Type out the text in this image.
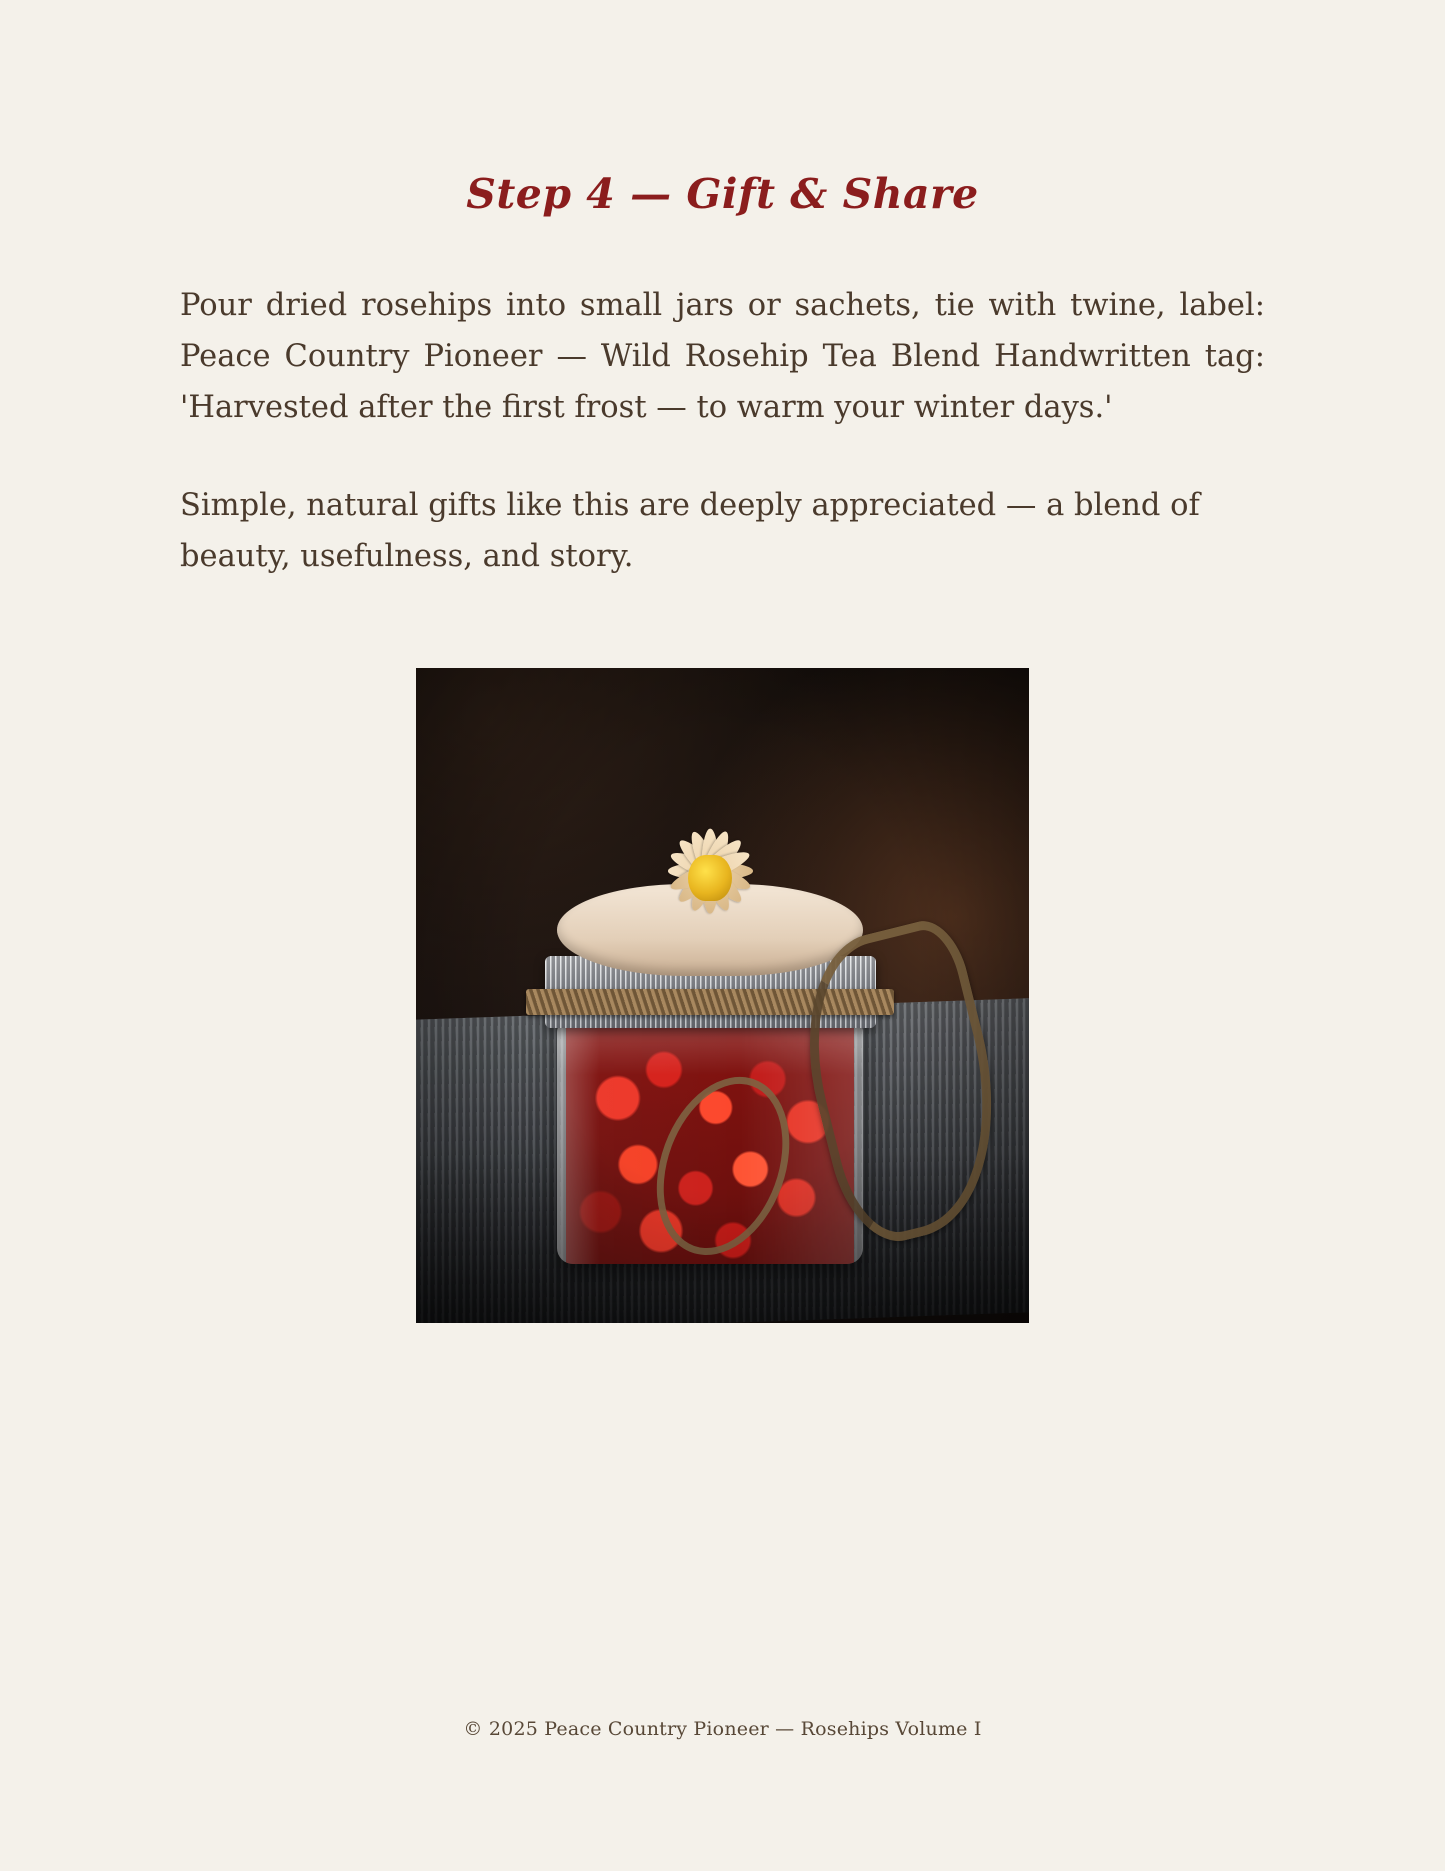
Step 4 — Gift & Share

Pour dried rosehips into small jars or sachets, tie with twine, label: Peace Country Pioneer — Wild Rosehip Tea Blend Handwritten tag: 'Harvested after the first frost — to warm your winter days.'

Simple, natural gifts like this are deeply appreciated — a blend of beauty, usefulness, and story.

© 2025 Peace Country Pioneer — Rosehips Volume I
